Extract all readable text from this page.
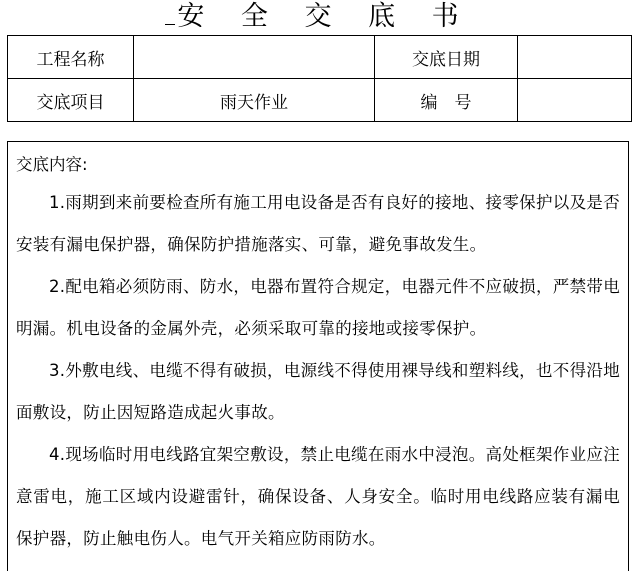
安 全 交 底 书
工程名称		交底日期	
交底项目	雨天作业	编　号	
交底内容:

1.雨期到来前要检查所有施工用电设备是否有良好的接地、接零保护以及是否安装有漏电保护器，确保防护措施落实、可靠，避免事故发生。

2.配电箱必须防雨、防水，电器布置符合规定，电器元件不应破损，严禁带电明漏。机电设备的金属外壳，必须采取可靠的接地或接零保护。

3.外敷电线、电缆不得有破损，电源线不得使用裸导线和塑料线，也不得沿地面敷设，防止因短路造成起火事故。

4.现场临时用电线路宜架空敷设，禁止电缆在雨水中浸泡。高处框架作业应注意雷电，施工区域内设避雷针，确保设备、人身安全。临时用电线路应装有漏电保护器，防止触电伤人。电气开关箱应防雨防水。
